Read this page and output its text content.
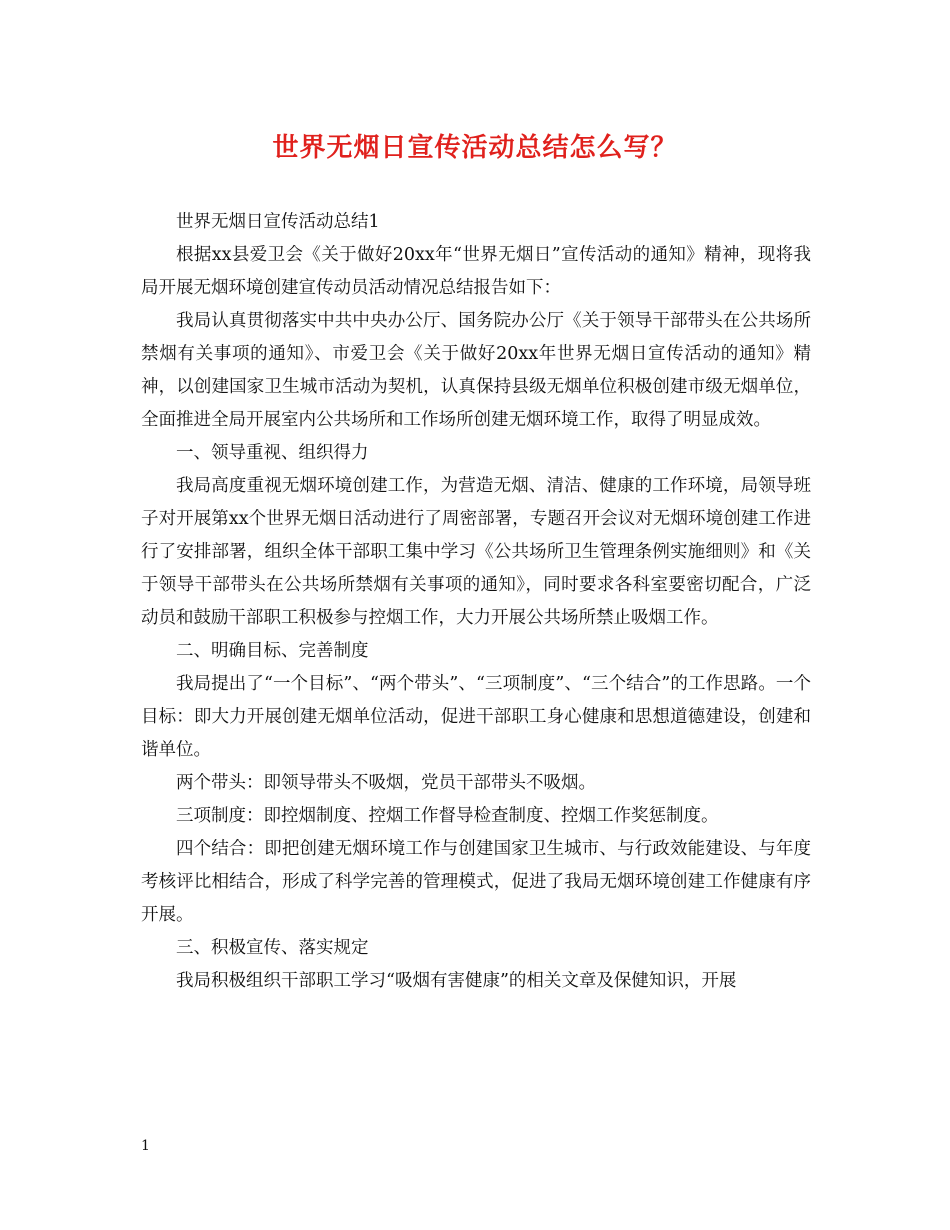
世界无烟日宣传活动总结怎么写？

世界无烟日宣传活动总结1

根据xx县爱卫会《关于做好20xx年“世界无烟日”宣传活动的通知》精神，现将我局开展无烟环境创建宣传动员活动情况总结报告如下：

我局认真贯彻落实中共中央办公厅、国务院办公厅《关于领导干部带头在公共场所禁烟有关事项的通知》、市爱卫会《关于做好20xx年世界无烟日宣传活动的通知》精神，以创建国家卫生城市活动为契机，认真保持县级无烟单位积极创建市级无烟单位，全面推进全局开展室内公共场所和工作场所创建无烟环境工作，取得了明显成效。

一、领导重视、组织得力

我局高度重视无烟环境创建工作，为营造无烟、清洁、健康的工作环境，局领导班子对开展第xx个世界无烟日活动进行了周密部署，专题召开会议对无烟环境创建工作进行了安排部署，组织全体干部职工集中学习《公共场所卫生管理条例实施细则》和《关于领导干部带头在公共场所禁烟有关事项的通知》，同时要求各科室要密切配合，广泛动员和鼓励干部职工积极参与控烟工作，大力开展公共场所禁止吸烟工作。

二、明确目标、完善制度

我局提出了“一个目标”、“两个带头”、“三项制度”、“三个结合”的工作思路。一个目标：即大力开展创建无烟单位活动，促进干部职工身心健康和思想道德建设，创建和谐单位。

两个带头：即领导带头不吸烟，党员干部带头不吸烟。

三项制度：即控烟制度、控烟工作督导检查制度、控烟工作奖惩制度。

四个结合：即把创建无烟环境工作与创建国家卫生城市、与行政效能建设、与年度考核评比相结合，形成了科学完善的管理模式，促进了我局无烟环境创建工作健康有序开展。

三、积极宣传、落实规定

我局积极组织干部职工学习“吸烟有害健康”的相关文章及保健知识，开展

1
